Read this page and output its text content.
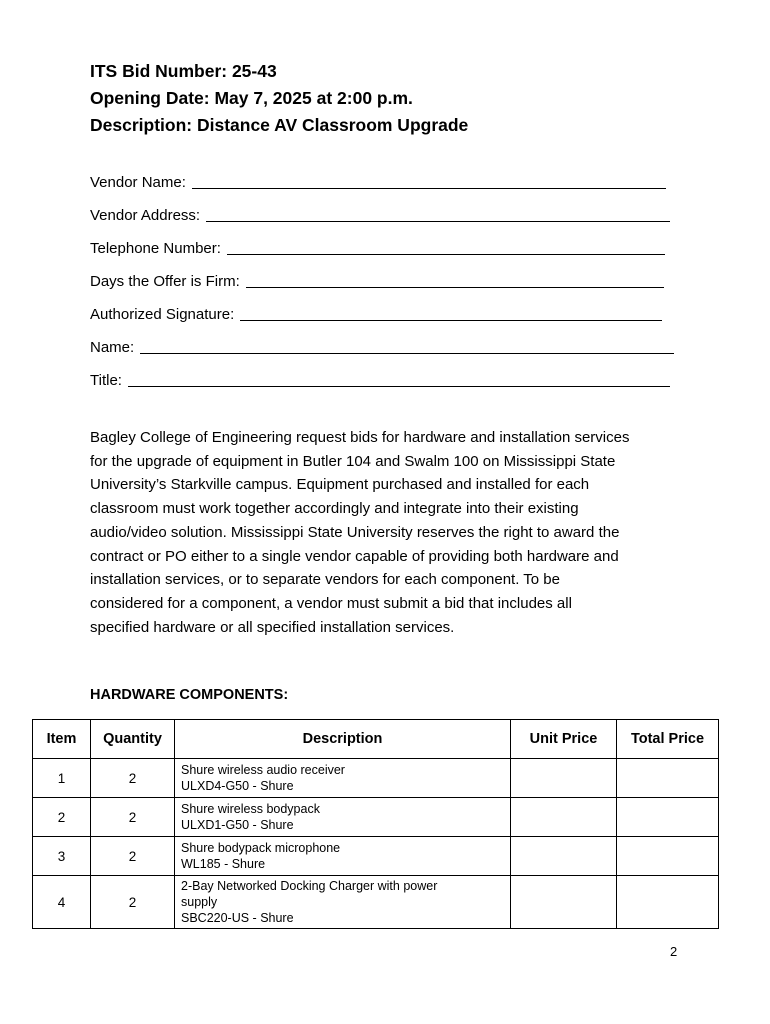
ITS Bid Number: 25-43
Opening Date: May 7, 2025 at 2:00 p.m.
Description: Distance AV Classroom Upgrade
Vendor Name:
Vendor Address:
Telephone Number:
Days the Offer is Firm:
Authorized Signature:
Name:
Title:
Bagley College of Engineering request bids for hardware and installation services
for the upgrade of equipment in Butler 104 and Swalm 100 on Mississippi State
University’s Starkville campus. Equipment purchased and installed for each
classroom must work together accordingly and integrate into their existing
audio/video solution. Mississippi State University reserves the right to award the
contract or PO either to a single vendor capable of providing both hardware and
installation services, or to separate vendors for each component. To be
considered for a component, a vendor must submit a bid that includes all
specified hardware or all specified installation services.
HARDWARE COMPONENTS:
Item	Quantity	Description	Unit Price	Total Price
1	2	Shure wireless audio receiver
ULXD4-G50 - Shure		

2	2	Shure wireless bodypack
ULXD1-G50 - Shure		

3	2	Shure bodypack microphone
WL185 - Shure		

4	2	2-Bay Networked Docking Charger with power
supply
SBC220-US - Shure		

2
